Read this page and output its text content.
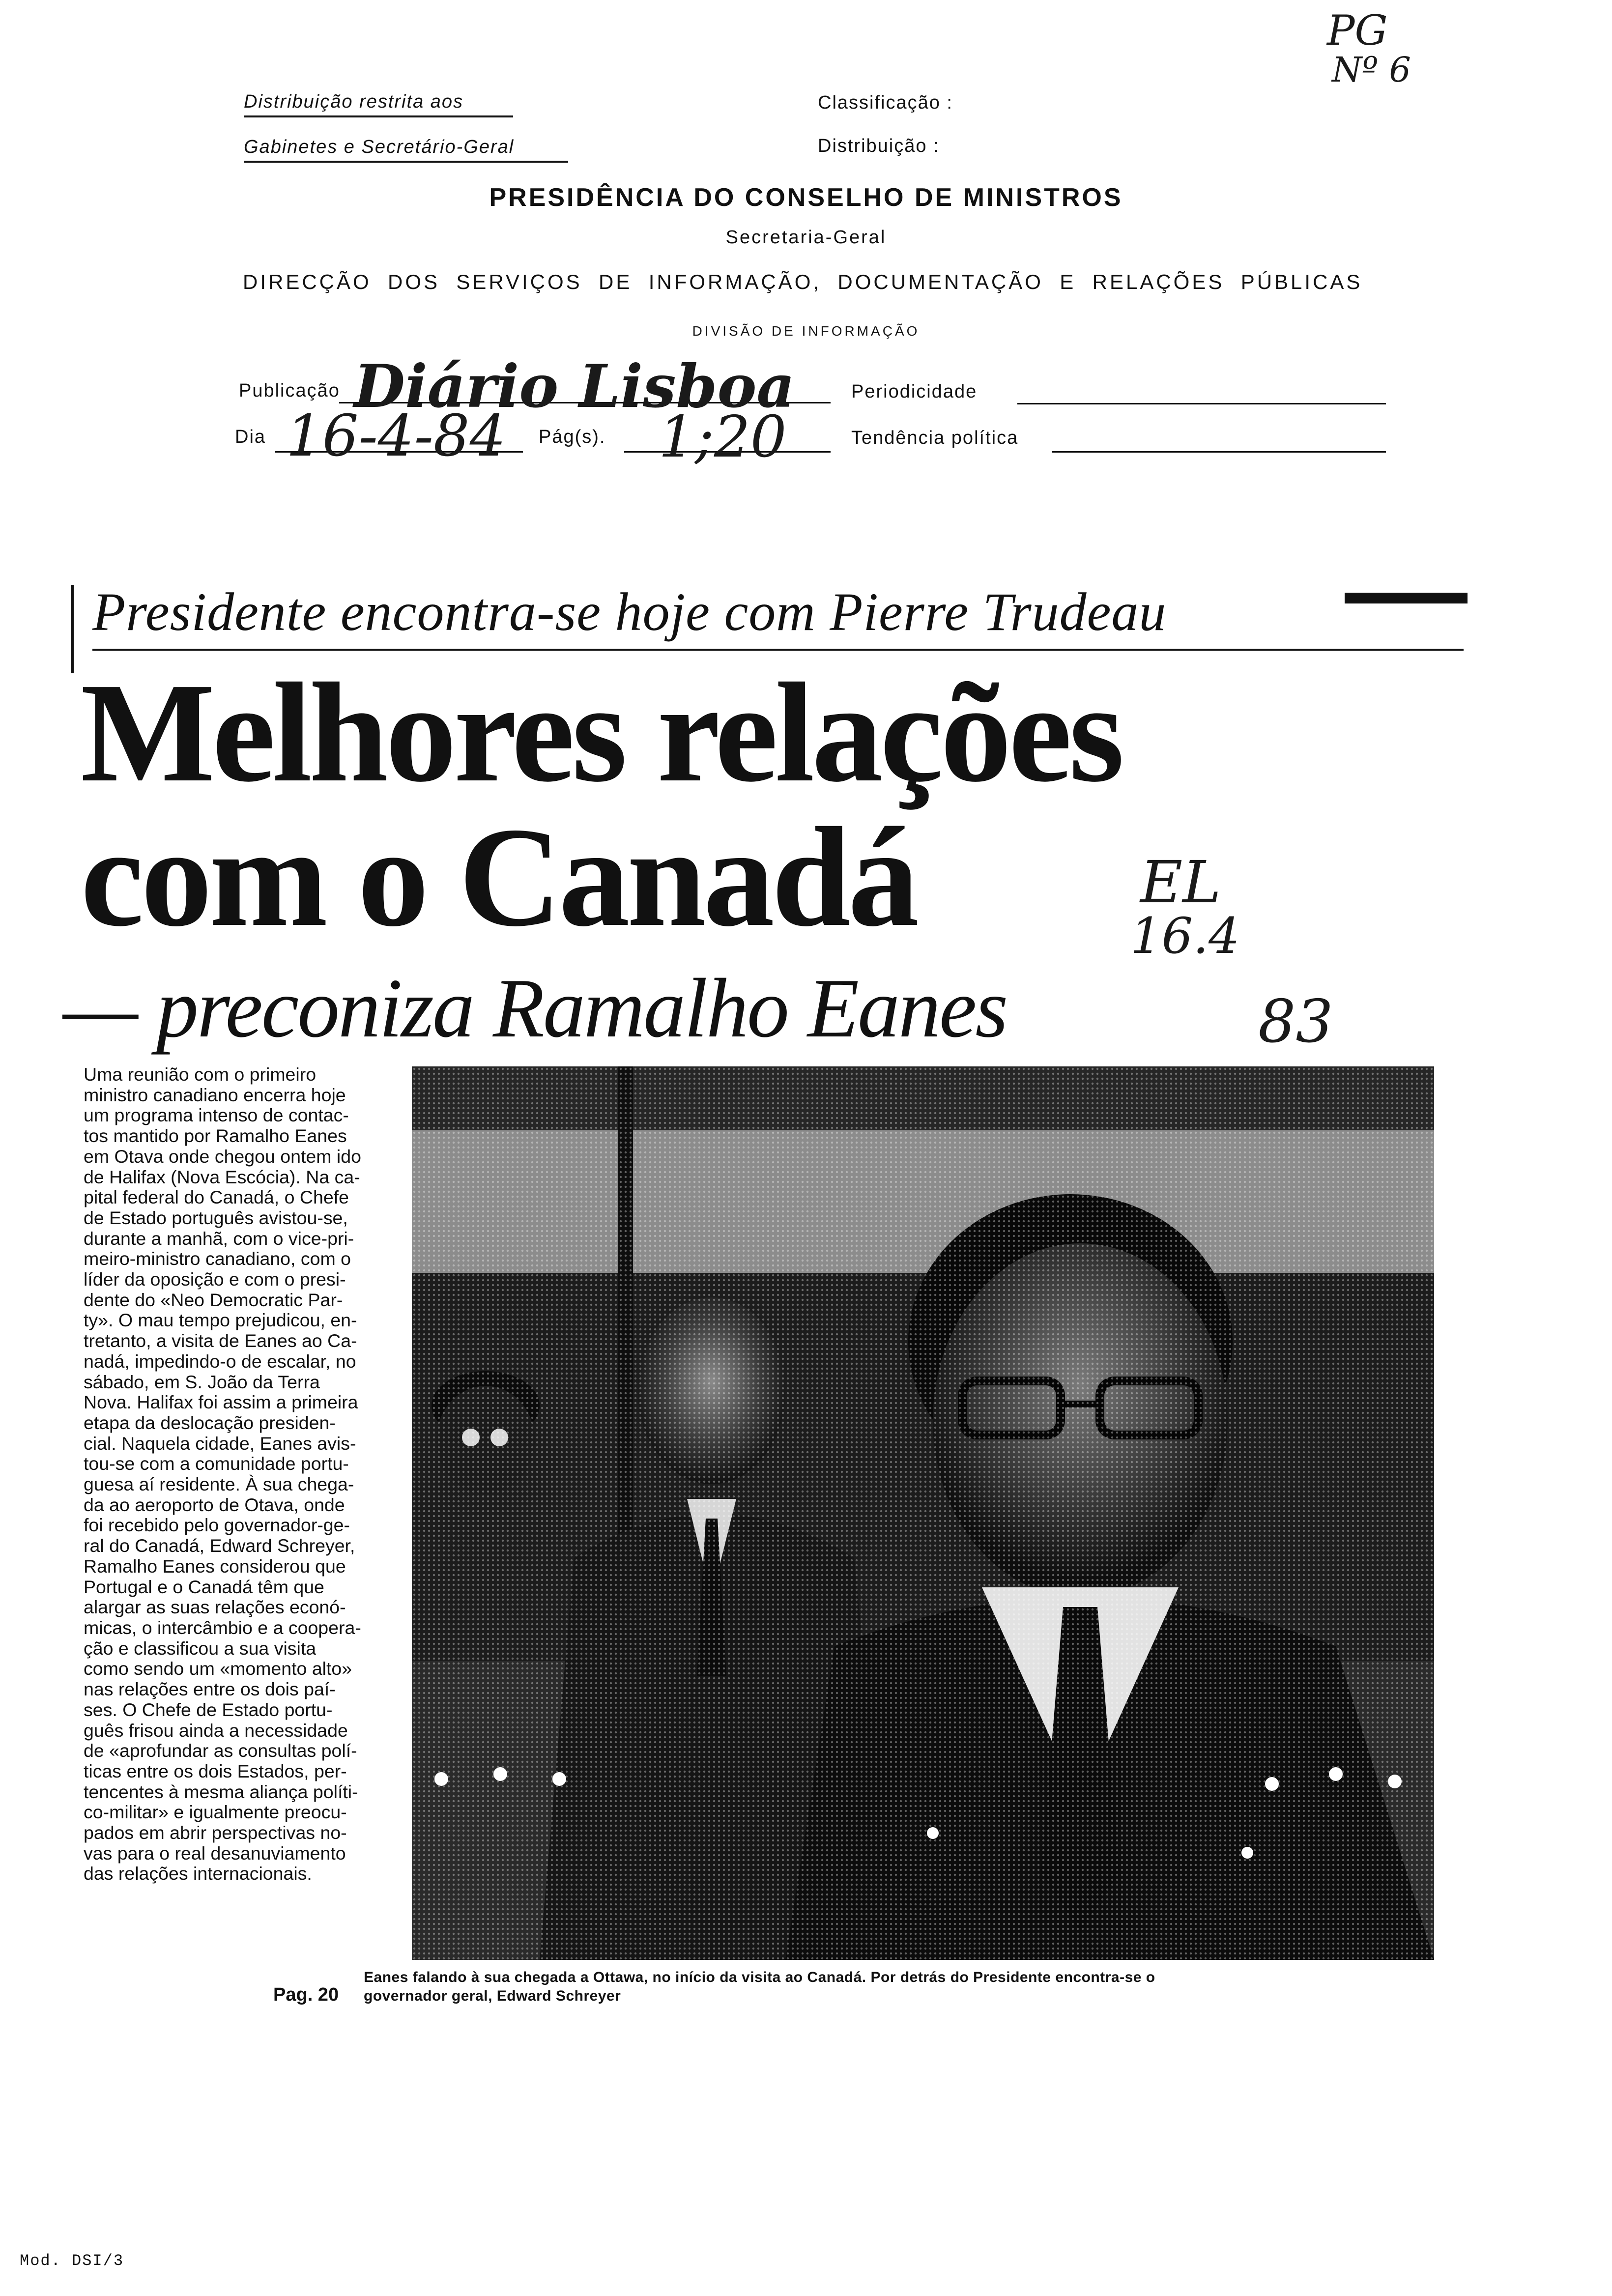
Distribuição restrita aos
Gabinetes e Secretário-Geral
Classificação :
Distribuição :
PG
Nº 6
PRESIDÊNCIA DO CONSELHO DE MINISTROS
Secretaria-Geral
DIRECÇÃO  DOS  SERVIÇOS  DE  INFORMAÇÃO,  DOCUMENTAÇÃO  E  RELAÇÕES  PÚBLICAS
DIVISÃO DE INFORMAÇÃO
Publicação Diário Lisboa	Periodicidade
Dia 16-4-84 Pág(s). 1;20	Tendência política
Presidente encontra-se hoje com Pierre Trudeau
Melhores relações
com o Canadá
— preconiza Ramalho Eanes
EL
16.4
83
Uma reunião com o primeiro
ministro canadiano encerra hoje
um programa intenso de contac-
tos mantido por Ramalho Eanes
em Otava onde chegou ontem ido
de Halifax (Nova Escócia). Na ca-
pital federal do Canadá, o Chefe
de Estado português avistou-se,
durante a manhã, com o vice-pri-
meiro-ministro canadiano, com o
líder da oposição e com o presi-
dente do «Neo Democratic Par-
ty». O mau tempo prejudicou, en-
tretanto, a visita de Eanes ao Ca-
nadá, impedindo-o de escalar, no
sábado, em S. João da Terra
Nova. Halifax foi assim a primeira
etapa da deslocação presiden-
cial. Naquela cidade, Eanes avis-
tou-se com a comunidade portu-
guesa aí residente. À sua chega-
da ao aeroporto de Otava, onde
foi recebido pelo governador-ge-
ral do Canadá, Edward Schreyer,
Ramalho Eanes considerou que
Portugal e o Canadá têm que
alargar as suas relações econó-
micas, o intercâmbio e a coopera-
ção e classificou a sua visita
como sendo um «momento alto»
nas relações entre os dois paí-
ses. O Chefe de Estado portu-
guês frisou ainda a necessidade
de «aprofundar as consultas polí-
ticas entre os dois Estados, per-
tencentes à mesma aliança políti-
co-militar» e igualmente preocu-
pados em abrir perspectivas no-
vas para o real desanuviamento
das relações internacionais.
Eanes falando à sua chegada a Ottawa, no início da visita ao Canadá. Por detrás do Presidente encontra-se o
governador geral, Edward Schreyer
Pag. 20
Mod. DSI/3
